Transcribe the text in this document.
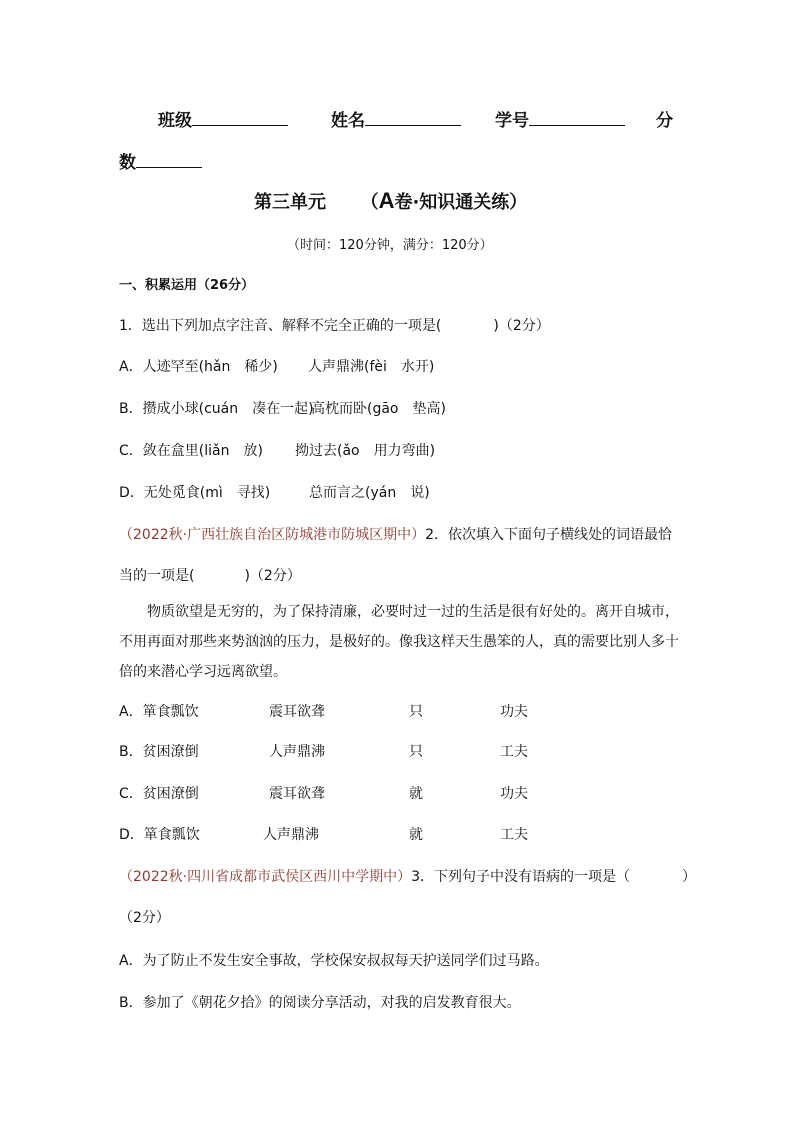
班级	姓名	学号	分
数
第三单元 （A卷·知识通关练）
（时间：120分钟，满分：120分）
一、积累运用（26分）
1．选出下列加点字注音、解释不完全正确的一项是(	)（2分）
A．人迹罕至(hǎn　稀少) 人声鼎沸(fèi　水开)
B．攒成小球(cuán　凑在一起)
高枕而卧(gāo　垫高)
C．敛在盒里(liǎn　放) 拗过去(ǎo　用力弯曲)
D．无处觅食(mì　寻找)	总而言之(yán　说)
（2022秋·广西壮族自治区防城港市防城区期中）2．依次填入下面句子横线处的词语最恰
当的一项是(	)（2分）
物质欲望是无穷的，为了保持清廉，必要时过一过的生活是很有好处的。离开自城市，
不用再面对那些来势汹汹的压力，是极好的。像我这样天生愚笨的人，真的需要比别人多十
倍的来潜心学习远离欲望。
A．箪食瓢饮	震耳欲聋	只	功夫
B．贫困潦倒	人声鼎沸	只	工夫
C．贫困潦倒	震耳欲聋	就	功夫
D．箪食瓢饮	人声鼎沸	就	工夫
（2022秋·四川省成都市武侯区西川中学期中）3．下列句子中没有语病的一项是（	）
（2分）
A．为了防止不发生安全事故，学校保安叔叔每天护送同学们过马路。
B．参加了《朝花夕拾》的阅读分享活动，对我的启发教育很大。
